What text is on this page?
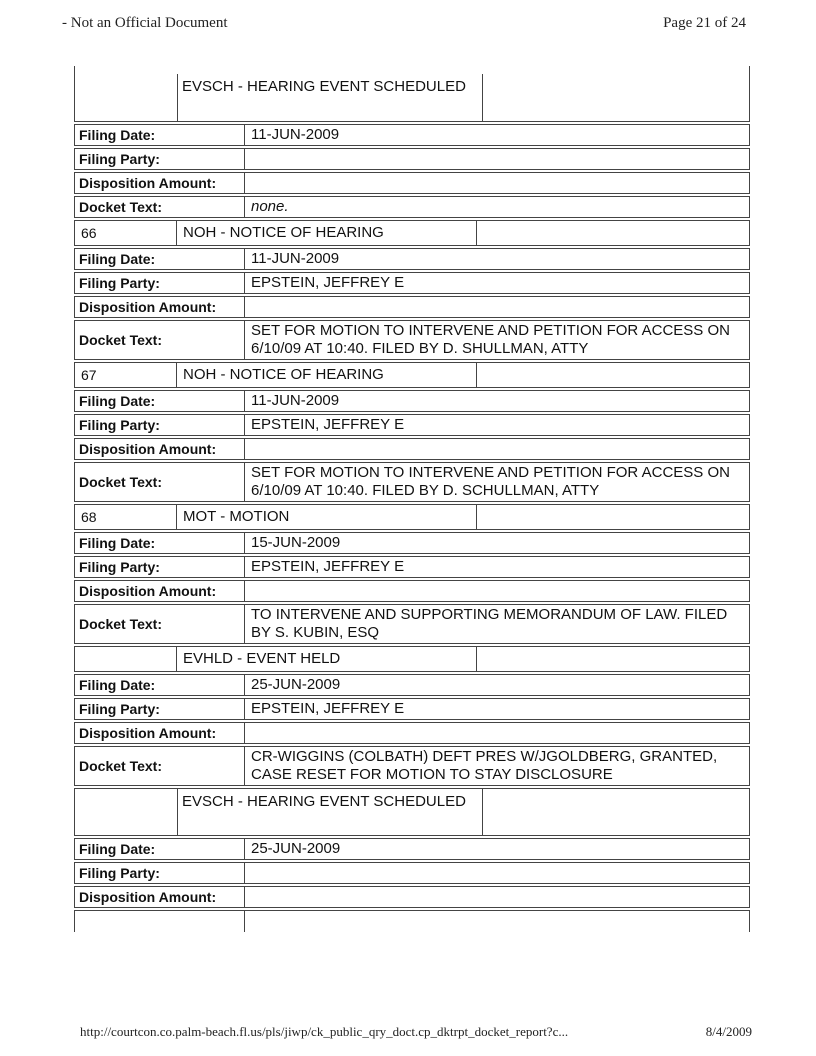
- Not an Official Document	Page 21 of 24
EVSCH - HEARING EVENT SCHEDULED
Filing Date:	11-JUN-2009
Filing Party:
Disposition Amount:
Docket Text:	none.
66	NOH - NOTICE OF HEARING
Filing Date:	11-JUN-2009
Filing Party:	EPSTEIN, JEFFREY E
Disposition Amount:
Docket Text:
SET FOR MOTION TO INTERVENE AND PETITION FOR ACCESS ON 6/10/09 AT 10:40. FILED BY D. SHULLMAN, ATTY
67	NOH - NOTICE OF HEARING
Filing Date:	11-JUN-2009
Filing Party:	EPSTEIN, JEFFREY E
Disposition Amount:
Docket Text:
SET FOR MOTION TO INTERVENE AND PETITION FOR ACCESS ON 6/10/09 AT 10:40. FILED BY D. SCHULLMAN, ATTY
68	MOT - MOTION
Filing Date:	15-JUN-2009
Filing Party:	EPSTEIN, JEFFREY E
Disposition Amount:
Docket Text:
TO INTERVENE AND SUPPORTING MEMORANDUM OF LAW. FILED BY S. KUBIN, ESQ
EVHLD - EVENT HELD
Filing Date:	25-JUN-2009
Filing Party:	EPSTEIN, JEFFREY E
Disposition Amount:
Docket Text:
CR-WIGGINS (COLBATH) DEFT PRES W/JGOLDBERG, GRANTED, CASE RESET FOR MOTION TO STAY DISCLOSURE
EVSCH - HEARING EVENT SCHEDULED
Filing Date:	25-JUN-2009
Filing Party:
Disposition Amount:
http://courtcon.co.palm-beach.fl.us/pls/jiwp/ck_public_qry_doct.cp_dktrpt_docket_report?c...	8/4/2009
